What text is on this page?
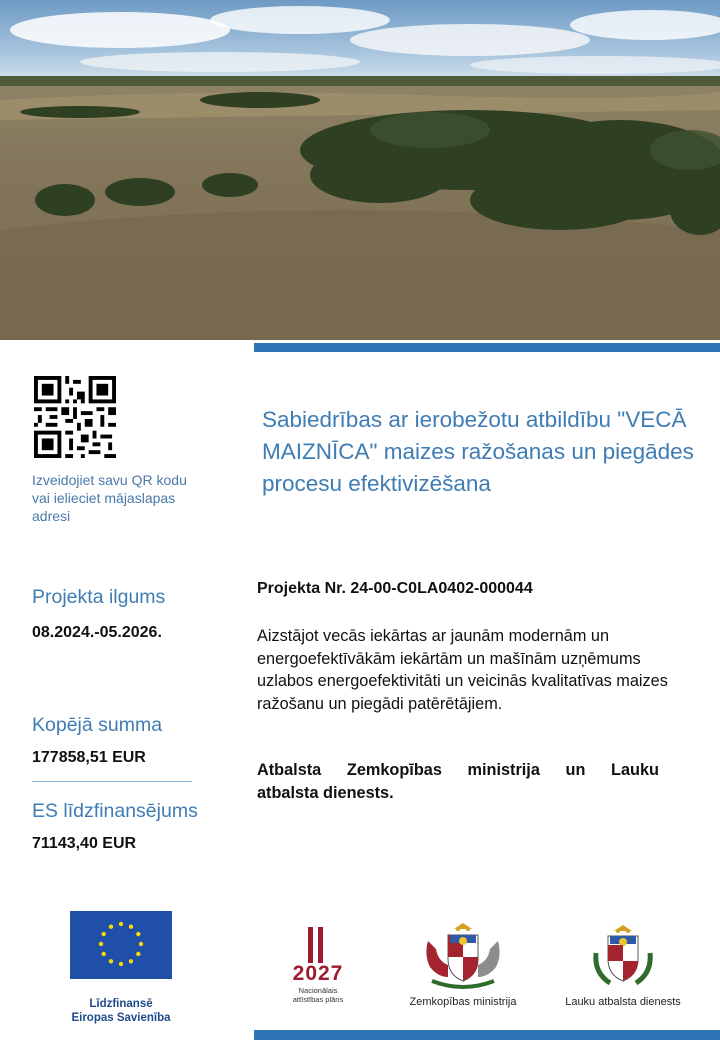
Izveidojiet savu QR kodu vai ielieciet mājaslapas adresi
Sabiedrības ar ierobežotu atbildību "VECĀ MAIZNĪCA" maizes ražošanas un piegādes procesu efektivizēšana
Projekta ilgums
08.2024.-05.2026.
Kopējā summa
177858,51 EUR
ES līdzfinansējums
71143,40 EUR
Projekta Nr. 24-00-C0LA0402-000044
Aizstājot vecās iekārtas ar jaunām modernām un energoefektīvākām iekārtām un mašīnām uzņēmums uzlabos energoefektivitāti un veicinās kvalitatīvas maizes ražošanu un piegādi patērētājiem.
Atbalsta Zemkopības ministrija un Lauku
atbalsta dienests.
Līdzfinansē
Eiropas Savienība
2027
Nacionālais
attīstības plāns	Zemkopības ministrija	Lauku atbalsta dienests
